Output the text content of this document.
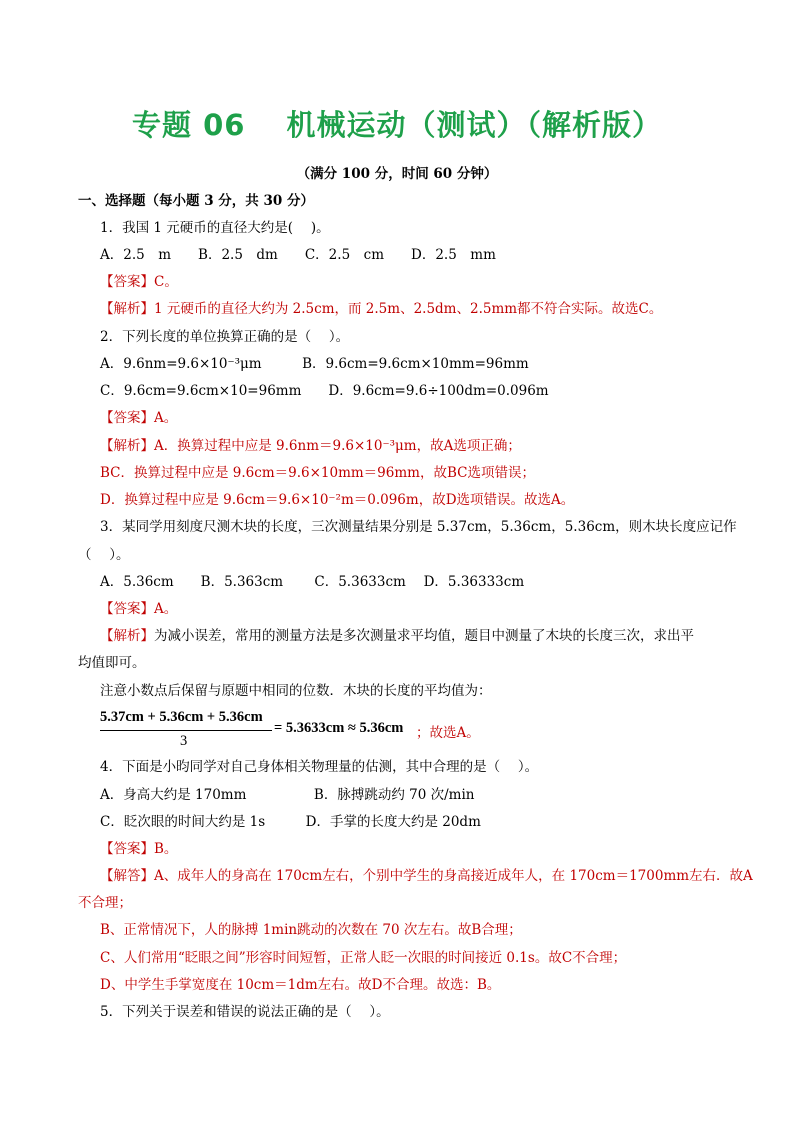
专题 06　 机械运动（测试）（解析版）
（满分 100 分，时间 60 分钟）
一、选择题（每小题 3 分，共 30 分）
1．我国 1 元硬币的直径大约是(　 )。
A．2.5　m　　B．2.5　dm　　C．2.5　cm　　D．2.5　mm
【答案】C。
【解析】1 元硬币的直径大约为 2.5cm，而 2.5m、2.5dm、2.5mm都不符合实际。故选C。
2．下列长度的单位换算正确的是（　 ）。
A．9.6nm=9.6×10⁻³μm　　　B．9.6cm=9.6cm×10mm=96mm
C．9.6cm=9.6cm×10=96mm　　D．9.6cm=9.6÷100dm=0.096m
【答案】A。
【解析】A．换算过程中应是 9.6nm＝9.6×10⁻³μm，故A选项正确；
BC．换算过程中应是 9.6cm＝9.6×10mm＝96mm，故BC选项错误；
D．换算过程中应是 9.6cm＝9.6×10⁻²m＝0.096m，故D选项错误。故选A。
3．某同学用刻度尺测木块的长度，三次测量结果分别是 5.37cm，5.36cm，5.36cm，则木块长度应记作
（　 ）。
A．5.36cm　　B．5.363cm　　 C．5.3633cm　 D．5.36333cm
【答案】A。
【解析】为减小误差，常用的测量方法是多次测量求平均值，题目中测量了木块的长度三次，求出平
均值即可。
注意小数点后保留与原题中相同的位数．木块的长度的平均值为：
5.37cm + 5.36cm + 5.36cm
3
= 5.3633cm ≈ 5.36cm ；故选A。
4．下面是小昀同学对自己身体相关物理量的估测，其中合理的是（　 ）。
A．身高大约是 170mm　　　　　B．脉搏跳动约 70 次/min
C．眨次眼的时间大约是 1s　　　D．手掌的长度大约是 20dm
【答案】B。
【解答】A、成年人的身高在 170cm左右，个别中学生的身高接近成年人，在 170cm＝1700mm左右．故A
不合理；
B、正常情况下，人的脉搏 1min跳动的次数在 70 次左右。故B合理；
C、人们常用“眨眼之间”形容时间短暂，正常人眨一次眼的时间接近 0.1s。故C不合理；
D、中学生手掌宽度在 10cm＝1dm左右。故D不合理。故选：B。
5．下列关于误差和错误的说法正确的是（　 ）。
